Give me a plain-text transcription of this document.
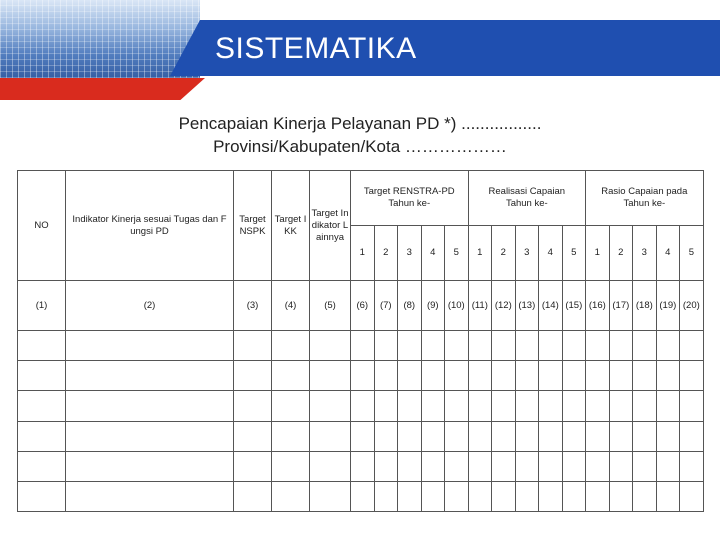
SISTEMATIKA
Pencapaian Kinerja Pelayanan PD *) .................
Provinsi/Kabupaten/Kota ………………
NO	Indikator Kinerja sesuai Tugas dan Fungsi PD	Target NSPK	Target IKK	Target Indikator Lainnya	Target RENSTRA-PD Tahun ke-					Realisasi Capaian Tahun ke-					Rasio Capaian pada Tahun ke-				
					1	2	3	4	5	1	2	3	4	5	1	2	3	4	5
(1)	(2)	(3)	(4)	(5)	(6)	(7)	(8)	(9)	(10)	(11)	(12)	(13)	(14)	(15)	(16)	(17)	(18)	(19)	(20)
